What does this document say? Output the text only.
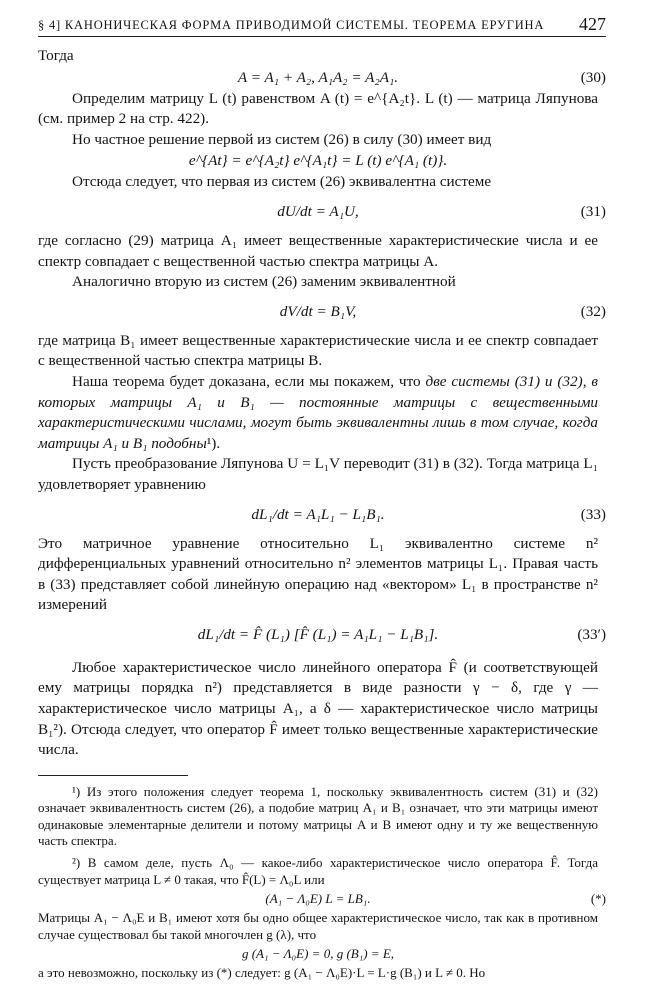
§ 4] КАНОНИЧЕСКАЯ ФОРМА ПРИВОДИМОЙ СИСТЕМЫ. ТЕОРЕМА ЕРУГИНА 427

Тогда

A = A₁ + A₂, A₁A₂ = A₂A₁.	(30)

Определим матрицу L (t) равенством A (t) = e^{A₂t}. L (t) — матрица Ляпунова (см. пример 2 на стр. 422).

Но частное решение первой из систем (26) в силу (30) имеет вид

e^{At} = e^{A₂t} e^{A₁t} = L (t) e^{A₁ (t)}.

Отсюда следует, что первая из систем (26) эквивалентна системе

dU/dt = A₁U,	(31)

где согласно (29) матрица A₁ имеет вещественные характеристические числа и ее спектр совпадает с вещественной частью спектра матрицы A.

Аналогично вторую из систем (26) заменим эквивалентной

dV/dt = B₁V,	(32)

где матрица B₁ имеет вещественные характеристические числа и ее спектр совпадает с вещественной частью спектра матрицы B.

Наша теорема будет доказана, если мы покажем, что две системы (31) и (32), в которых матрицы A₁ и B₁ — постоянные матрицы с вещественными характеристическими числами, могут быть эквивалентны лишь в том случае, когда матрицы A₁ и B₁ подобны¹).

Пусть преобразование Ляпунова U = L₁V переводит (31) в (32). Тогда матрица L₁ удовлетворяет уравнению

dL₁/dt = A₁L₁ − L₁B₁.	(33)

Это матричное уравнение относительно L₁ эквивалентно системе n² дифференциальных уравнений относительно n² элементов матрицы L₁. Правая часть в (33) представляет собой линейную операцию над «вектором» L₁ в пространстве n² измерений

dL₁/dt = F̂ (L₁) [F̂ (L₁) = A₁L₁ − L₁B₁].	(33′)

Любое характеристическое число линейного оператора F̂ (и соответствующей ему матрицы порядка n²) представляется в виде разности γ − δ, где γ — характеристическое число матрицы A₁, а δ — характеристическое число матрицы B₁²). Отсюда следует, что оператор F̂ имеет только вещественные характеристические числа.

¹) Из этого положения следует теорема 1, поскольку эквивалентность систем (31) и (32) означает эквивалентность систем (26), а подобие матриц A₁ и B₁ означает, что эти матрицы имеют одинаковые элементарные делители и потому матрицы A и B имеют одну и ту же вещественную часть спектра.

²) В самом деле, пусть Λ₀ — какое-либо характеристическое число оператора F̂. Тогда существует матрица L ≠ 0 такая, что F̂(L) = Λ₀L или

(A₁ − Λ₀E) L = LB₁.	(*)

Матрицы A₁ − Λ₀E и B₁ имеют хотя бы одно общее характеристическое число, так как в противном случае существовал бы такой многочлен g (λ), что

g (A₁ − Λ₀E) = 0, g (B₁) = E,

а это невозможно, поскольку из (*) следует: g (A₁ − Λ₀E)·L = L·g (B₁) и L ≠ 0. Но
